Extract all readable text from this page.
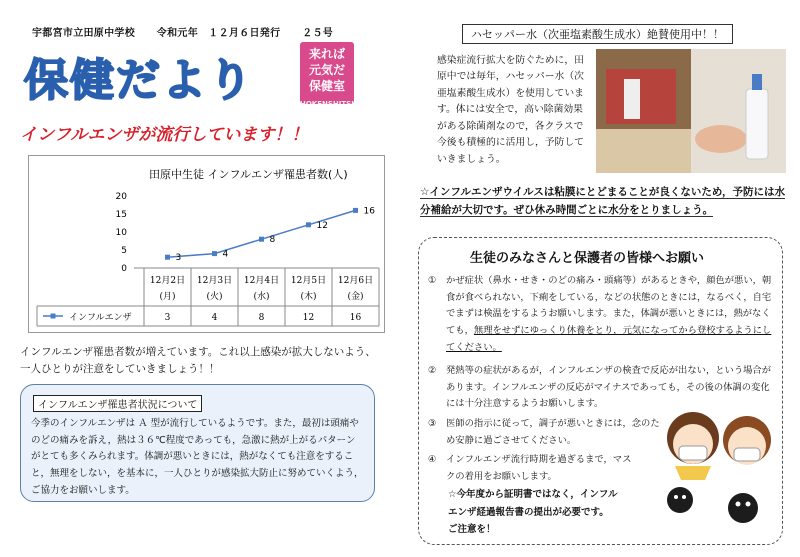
宇都宮市立田原中学校 令和元年　１２月６日発行 ２５号
保健だより
来れば
元気だ
保健室
HOKENSHITSU
インフルエンザが流行しています！！
田原中生徒 インフルエンザ罹患者数(人)
20
15
10
5
0
3	4
8
12
16
12月2日
(月)
3
12月3日
(火)
4
12月4日
(水)
8
12月5日
(木)
12
12月6日
(金)
16
インフルエンザ
インフルエンザ罹患者数が増えています。これ以上感染が拡大しないよう、一人ひとりが注意をしていきましょう！！
インフルエンザ罹患者状況について
今季のインフルエンザは Ａ 型が流行しているようです。また，最初は頭痛やのどの痛みを訴え，熱は３６℃程度であっても，急激に熱が上がるパターンがとても多くみられます。体調が悪いときには，熱がなくても注意をすること，無理をしない，を基本に，一人ひとりが感染拡大防止に努めていくよう，ご協力をお願いします。
ハセッパー水（次亜塩素酸生成水）絶賛使用中！！
感染症流行拡大を防ぐために，田原中では毎年，ハセッパー水（次亜塩素酸生成水）を使用しています。体には安全で，高い除菌効果がある除菌剤なので，各クラスで今後も積極的に活用し，予防していきましょう。
☆インフルエンザウイルスは粘膜にとどまることが良くないため，予防には水分補給が大切です。ぜひ休み時間ごとに水分をとりましょう。
生徒のみなさんと保護者の皆様へお願い
① かぜ症状（鼻水・せき・のどの痛み・頭痛等）があるときや，顔色が悪い，朝食が食べられない，下痢をしている，などの状態のときには，なるべく，自宅でまずは検温をするようお願いします。また，体調が悪いときには，熱がなくても，無理をせずにゆっくり休養をとり，元気になってから登校するようにしてください。
② 発熱等の症状があるが，インフルエンザの検査で反応が出ない，という場合があります。インフルエンザの反応がマイナスであっても，その後の体調の変化には十分注意するようお願いします。
③ 医師の指示に従って，調子が悪いときには，念のため安静に過ごさせてください。
④ インフルエンザ流行時期を過ぎるまで，マスクの着用をお願いします。
☆今年度から証明書ではなく，インフル
エンザ経過報告書の提出が必要です。
ご注意を！
